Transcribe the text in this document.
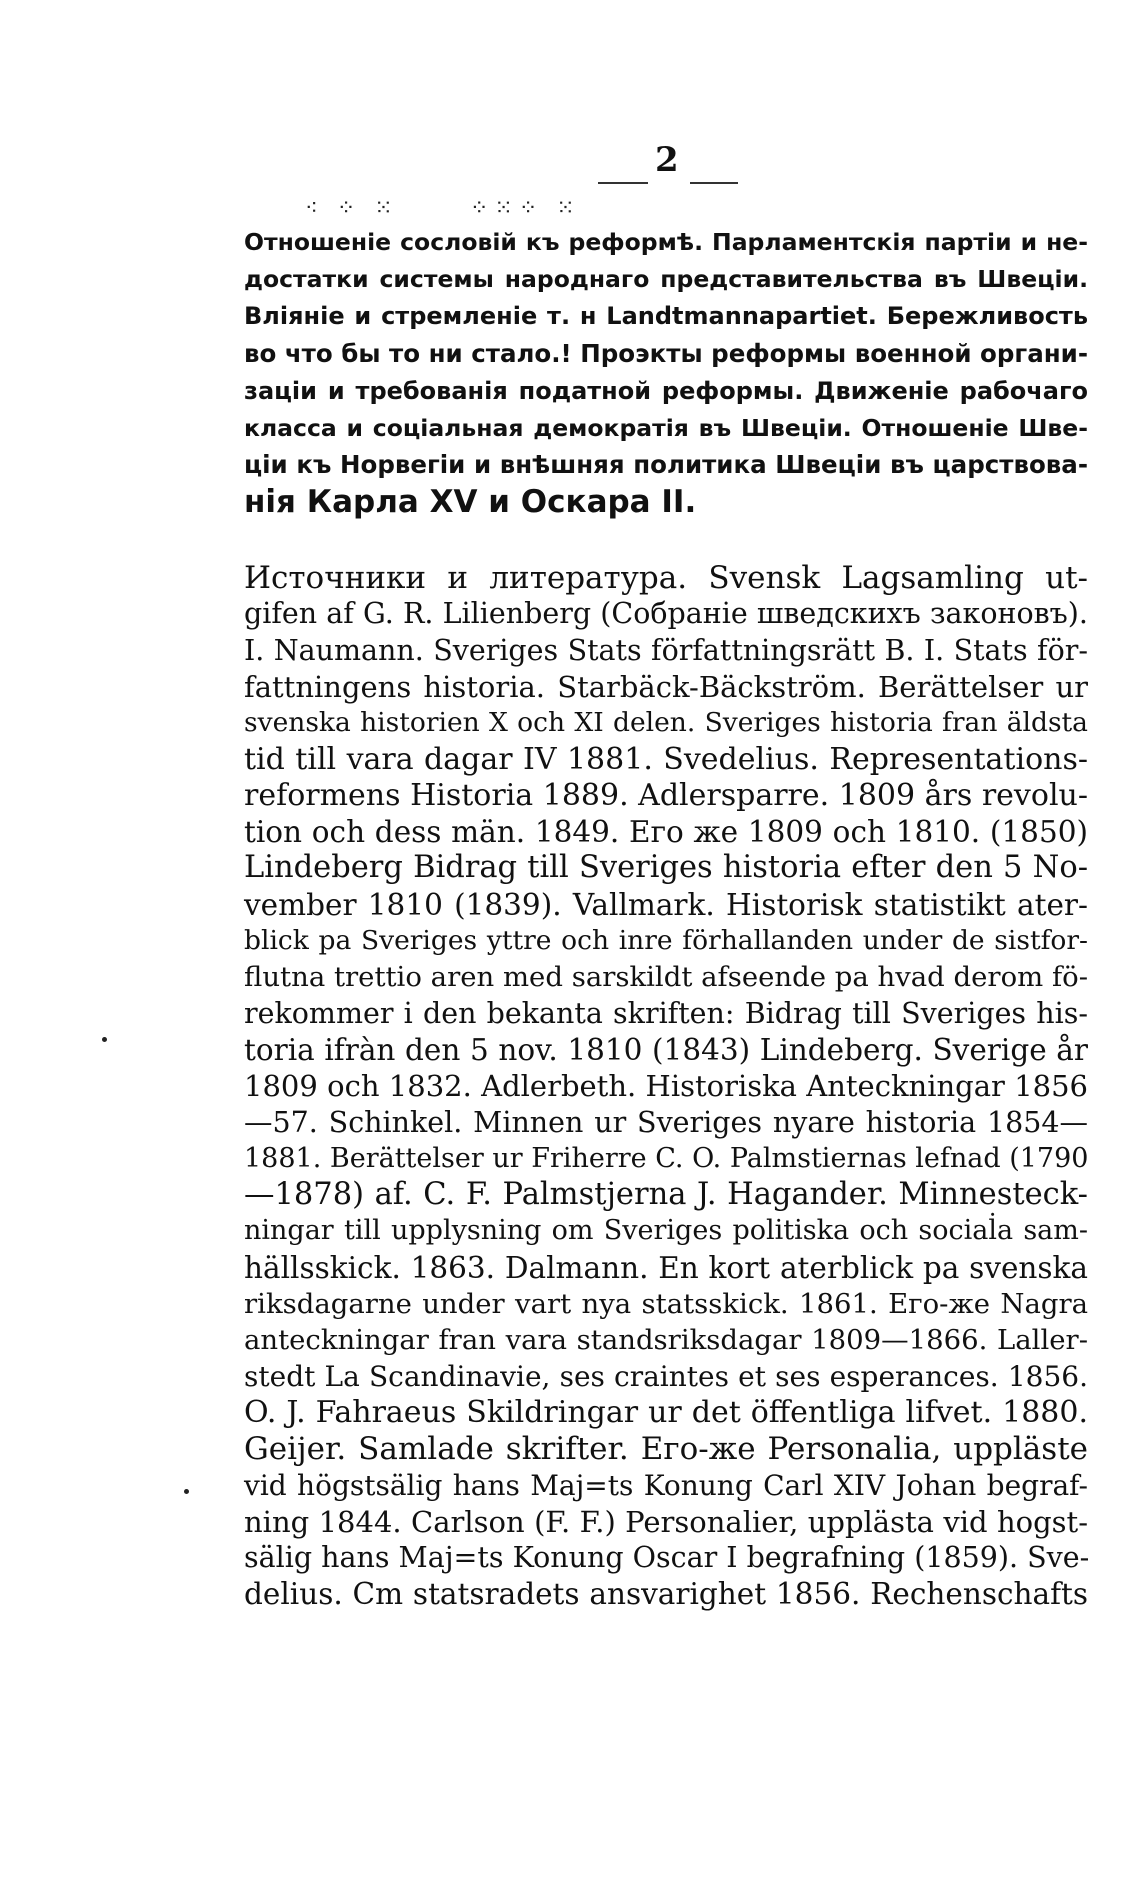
2
⁖ ⁘ ⁙	⁘⁙⁘ ⁙
Отношеніе сословій къ реформѣ. Парламентскія партіи и не-
достатки системы народнаго представительства въ Швеціи.
Вліяніе и стремленіе т. н Landtmannapartiet. Бережливость
во что бы то ни стало.! Проэкты реформы военной органи-
заціи и требованія податной реформы. Движеніе рабочаго
класса и соціальная демократія въ Швеціи. Отношеніе Шве-
ціи къ Норвегіи и внѣшняя политика Швеціи въ царствова-
нія Карла XV и Оскара II.
Источники и литература. Svensk Lagsamling ut-
gifen af G. R. Lilienberg (Собраніе шведскихъ законовъ).
I. Naumann. Sveriges Stats författningsrätt B. I. Stats för-
fattningens historia. Starbäck-Bäckström. Berättelser ur
svenska historien X och XI delen. Sveriges historia fran äldsta
tid till vara dagar IV 1881. Svedelius. Representations-
reformens Historia 1889. Adlersparre. 1809 års revolu-
tion och dess män. 1849. Его же 1809 och 1810. (1850)
Lindeberg Bidrag till Sveriges historia efter den 5 No-
vember 1810 (1839). Vallmark. Historisk statistikt ater-
blick pa Sveriges yttre och inre förhallanden under de sistfor-
flutna trettio aren med sarskildt afseende pa hvad derom fö-
rekommer i den bekanta skriften: Bidrag till Sveriges his-
toria ifràn den 5 nov. 1810 (1843) Lindeberg. Sverige år
1809 och 1832. Adlerbeth. Historiska Anteckningar 1856
—57. Schinkel. Minnen ur Sveriges nyare historia 1854—
1881. Berättelser ur Friherre C. O. Palmstiernas lefnad (1790
—1878) af. C. F. Palmstjerna J. Hagander. Minnesteck-
ningar till upplysning om Sveriges politiska och social̇a sam-
hällsskick. 1863. Dalmann. En kort aterblick pa svenska
riksdagarne under vart nya statsskick. 1861. Его-же Nagra
anteckningar fran vara standsriksdagar 1809—1866. Laller-
stedt La Scandinavie, ses craintes et ses esperances. 1856.
O. J. Fahraeus Skildringar ur det öffentliga lifvet. 1880.
Geijer. Samlade skrifter. Его-же Personalia, uppläste
vid högstsälig hans Maj=ts Konung Carl XIV Johan begraf-
ning 1844. Carlson (F. F.) Personalier, upplästa vid hogst-
sälig hans Maj=ts Konung Oscar I begrafning (1859). Sve-
delius. Cm statsradets ansvarighet 1856. Rechenschafts
